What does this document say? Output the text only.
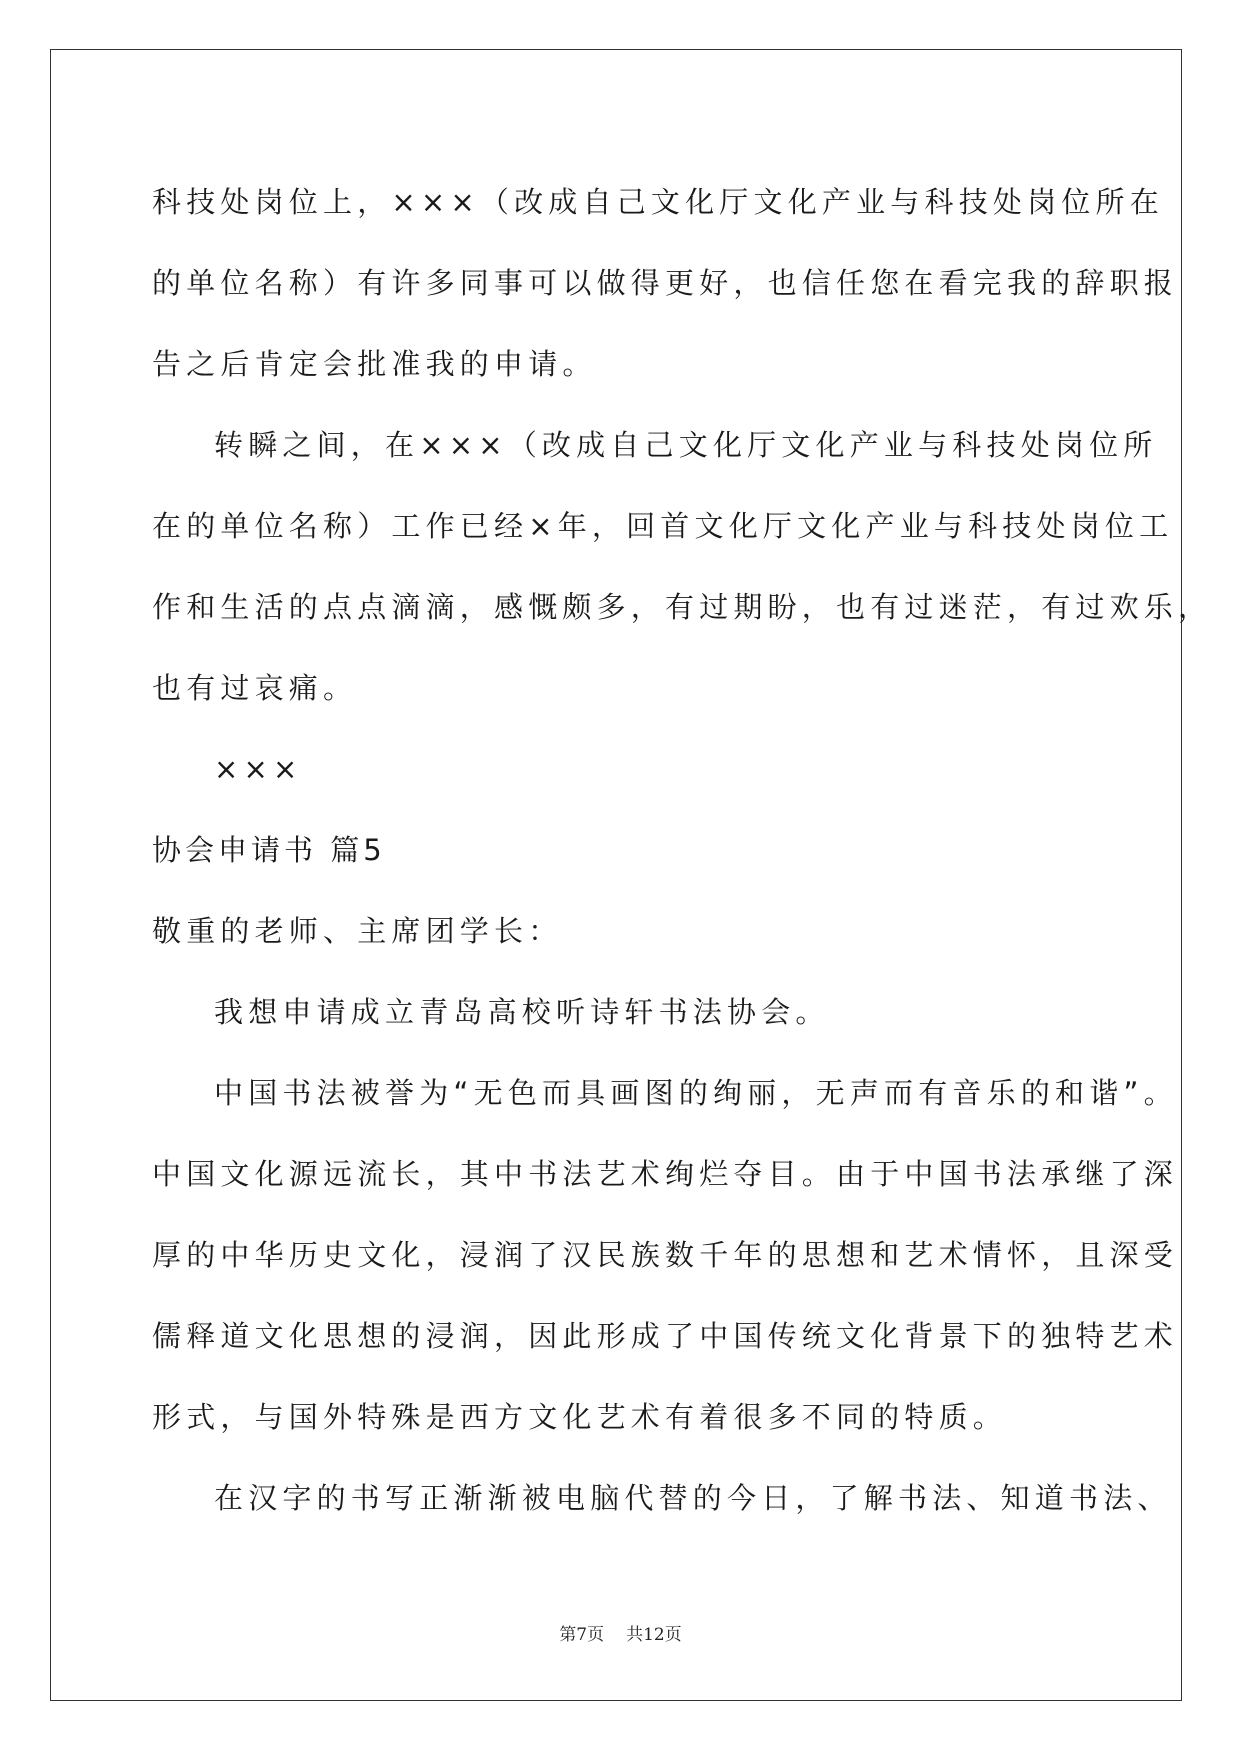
科技处岗位上，×××（改成自己文化厅文化产业与科技处岗位所在
的单位名称）有许多同事可以做得更好，也信任您在看完我的辞职报
告之后肯定会批准我的申请。
转瞬之间，在×××（改成自己文化厅文化产业与科技处岗位所
在的单位名称）工作已经×年，回首文化厅文化产业与科技处岗位工
作和生活的点点滴滴，感慨颇多，有过期盼，也有过迷茫，有过欢乐，
也有过哀痛。
×××
协会申请书 篇5
敬重的老师、主席团学长：
我想申请成立青岛高校听诗轩书法协会。
中国书法被誉为“无色而具画图的绚丽，无声而有音乐的和谐”。
中国文化源远流长，其中书法艺术绚烂夺目。由于中国书法承继了深
厚的中华历史文化，浸润了汉民族数千年的思想和艺术情怀，且深受
儒释道文化思想的浸润，因此形成了中国传统文化背景下的独特艺术
形式，与国外特殊是西方文化艺术有着很多不同的特质。
在汉字的书写正渐渐被电脑代替的今日，了解书法、知道书法、
第7页 共12页
